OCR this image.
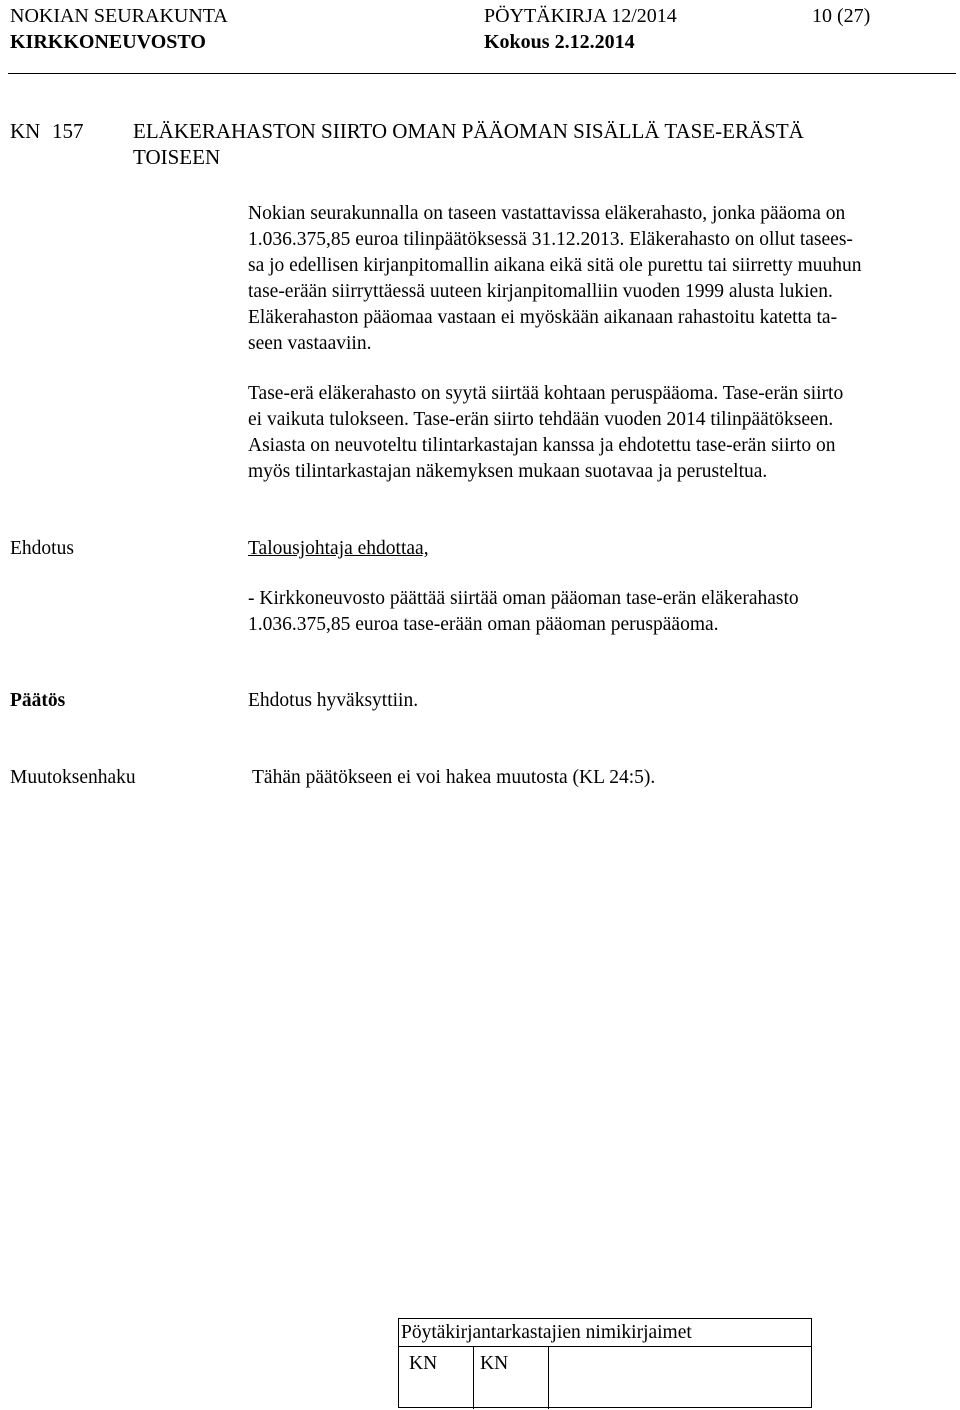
NOKIAN SEURAKUNTA	PÖYTÄKIRJA 12/2014	10 (27)
KIRKKONEUVOSTO	Kokous 2.12.2014
KN 157 ELÄKERAHASTON SIIRTO OMAN PÄÄOMAN SISÄLLÄ TASE-ERÄSTÄ
TOISEEN
Nokian seurakunnalla on taseen vastattavissa eläkerahasto, jonka pääoma on
1.036.375,85 euroa tilinpäätöksessä 31.12.2013. Eläkerahasto on ollut tasees-
sa jo edellisen kirjanpitomallin aikana eikä sitä ole purettu tai siirretty muuhun
tase-erään siirryttäessä uuteen kirjanpitomalliin vuoden 1999 alusta lukien.
Eläkerahaston pääomaa vastaan ei myöskään aikanaan rahastoitu katetta ta-
seen vastaaviin.
Tase-erä eläkerahasto on syytä siirtää kohtaan peruspääoma. Tase-erän siirto
ei vaikuta tulokseen. Tase-erän siirto tehdään vuoden 2014 tilinpäätökseen.
Asiasta on neuvoteltu tilintarkastajan kanssa ja ehdotettu tase-erän siirto on
myös tilintarkastajan näkemyksen mukaan suotavaa ja perusteltua.
Ehdotus	Talousjohtaja ehdottaa,
- Kirkkoneuvosto päättää siirtää oman pääoman tase-erän eläkerahasto
1.036.375,85 euroa tase-erään oman pääoman peruspääoma.
Päätös	Ehdotus hyväksyttiin.
Muutoksenhaku	Tähän päätökseen ei voi hakea muutosta (KL 24:5).
Pöytäkirjantarkastajien nimikirjaimet
KN	KN
